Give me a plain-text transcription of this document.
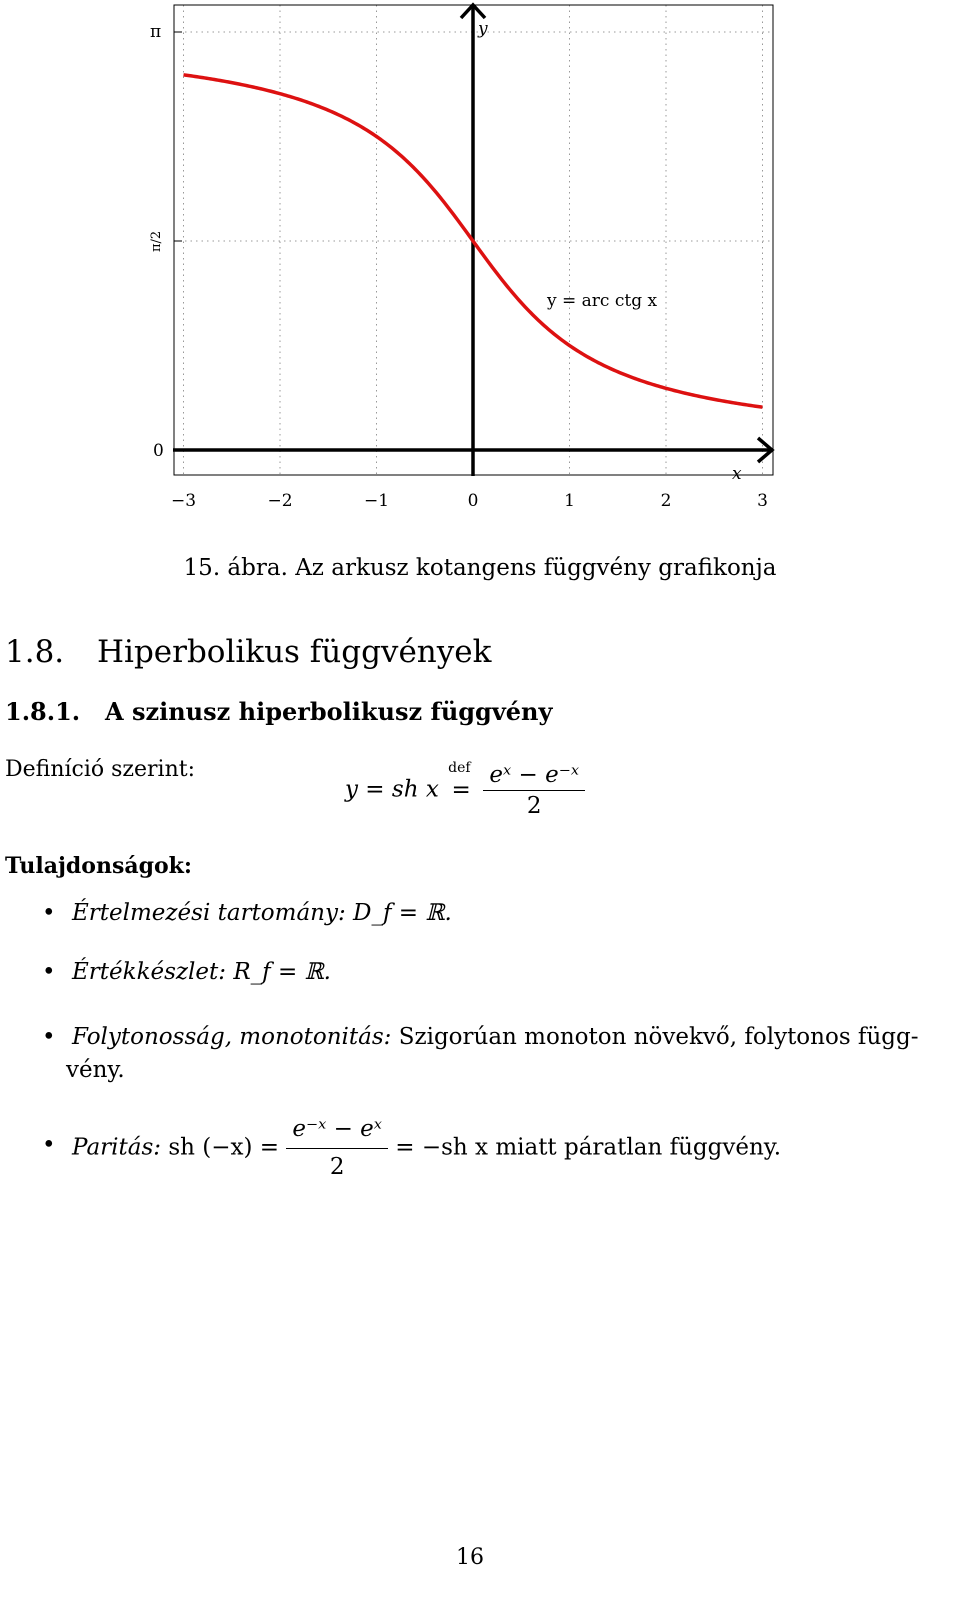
y
x
y = arc ctg x
π
π/2
0
−3	−2	−1	0	1	2	3
15. ábra. Az arkusz kotangens függvény grafikonja
1.8. Hiperbolikus függvények
1.8.1. A szinusz hiperbolikusz függvény
Definíció szerint:
y = sh x
def
= $\frac{\text{eˣ − e⁻ˣ}}{2}$
Tulajdonságok:
• Értelmezési tartomány: D_f = ℝ.
• Értékkészlet: R_f = ℝ.
• Folytonosság, monotonitás: Szigorúan monoton növekvő, folytonos függ-
vény.
• Paritás: sh $(-x) = \frac{\text{e⁻ˣ − eˣ}}{2} = -sh$ x miatt páratlan függvény.
16
